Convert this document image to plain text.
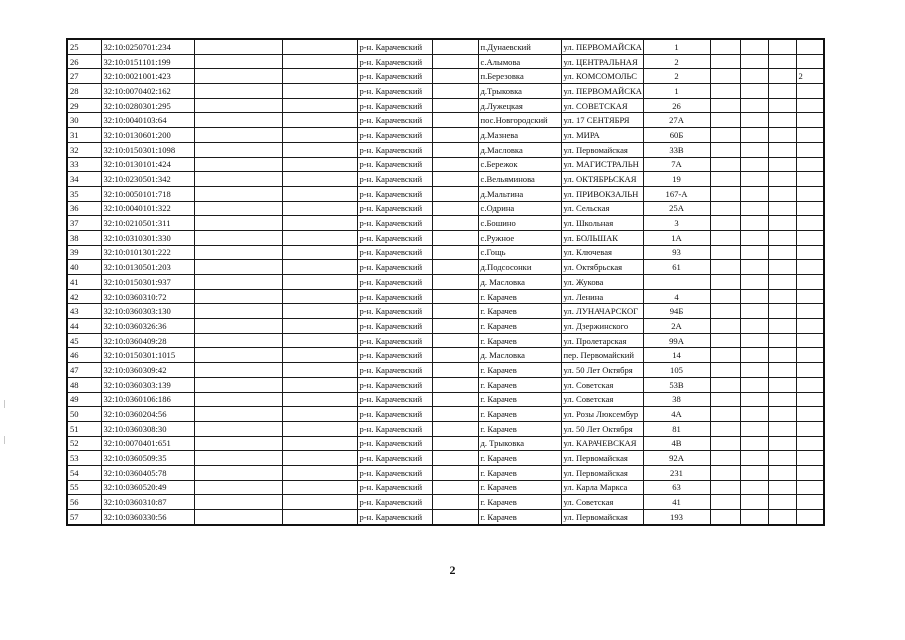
25	32:10:0250701:234			р-н. Карачевский		п.Дунаевский	ул. ПЕРВОМАЙСКА	1				
26	32:10:0151101:199			р-н. Карачевский		с.Алымова	ул. ЦЕНТРАЛЬНАЯ	2				
27	32:10:0021001:423			р-н. Карачевский		п.Березовка	ул. КОМСОМОЛЬС	2				2
28	32:10:0070402:162			р-н. Карачевский		д.Трыковка	ул. ПЕРВОМАЙСКА	1				
29	32:10:0280301:295			р-н. Карачевский		д.Лужецкая	ул. СОВЕТСКАЯ	26				
30	32:10:0040103:64			р-н. Карачевский		пос.Новгородский	ул. 17 СЕНТЯБРЯ	27А				
31	32:10:0130601:200			р-н. Карачевский		д.Мазнева	ул. МИРА	60Б				
32	32:10:0150301:1098			р-н. Карачевский		д.Масловка	ул. Первомайская	33В				
33	32:10:0130101:424			р-н. Карачевский		с.Бережок	ул. МАГИСТРАЛЬН	7А				
34	32:10:0230501:342			р-н. Карачевский		с.Вельяминова	ул. ОКТЯБРЬСКАЯ	19				
35	32:10:0050101:718			р-н. Карачевский		д.Мальтина	ул. ПРИВОКЗАЛЬН	167-А				
36	32:10:0040101:322			р-н. Карачевский		с.Одрина	ул. Сельская	25А				
37	32:10:0210501:311			р-н. Карачевский		с.Бошино	ул. Школьная	3				
38	32:10:0310301:330			р-н. Карачевский		с.Ружное	ул. БОЛЬШАК	1А				
39	32:10:0101301:222			р-н. Карачевский		с.Гощь	ул. Ключевая	93				
40	32:10:0130501:203			р-н. Карачевский		д.Подсосонки	ул. Октябрьская	61				
41	32:10:0150301:937			р-н. Карачевский		д. Масловка	ул. Жукова					
42	32:10:0360310:72			р-н. Карачевский		г. Карачев	ул. Ленина	4				
43	32:10:0360303:130			р-н. Карачевский		г. Карачев	ул. ЛУНАЧАРСКОГ	94Б				
44	32:10:0360326:36			р-н. Карачевский		г. Карачев	ул. Дзержинского	2А				
45	32:10:0360409:28			р-н. Карачевский		г. Карачев	ул. Пролетарская	99А				
46	32:10:0150301:1015			р-н. Карачевский		д. Масловка	пер. Первомайский	14				
47	32:10:0360309:42			р-н. Карачевский		г. Карачев	ул. 50 Лет Октября	105				
48	32:10:0360303:139			р-н. Карачевский		г. Карачев	ул. Советская	53В				
49	32:10:0360106:186			р-н. Карачевский		г. Карачев	ул. Советская	38				
50	32:10:0360204:56			р-н. Карачевский		г. Карачев	ул. Розы Люксембур	4А				
51	32:10:0360308:30			р-н. Карачевский		г. Карачев	ул. 50 Лет Октября	81				
52	32:10:0070401:651			р-н. Карачевский		д. Трыковка	ул. КАРАЧЕВСКАЯ	4В				
53	32:10:0360509:35			р-н. Карачевский		г. Карачев	ул. Первомайская	92А				
54	32:10:0360405:78			р-н. Карачевский		г. Карачев	ул. Первомайская	231				
55	32:10:0360520:49			р-н. Карачевский		г. Карачев	ул. Карла Маркса	63				
56	32:10:0360310:87			р-н. Карачевский		г. Карачев	ул. Советская	41				
57	32:10:0360330:56			р-н. Карачевский		г. Карачев	ул. Первомайская	193				
2
